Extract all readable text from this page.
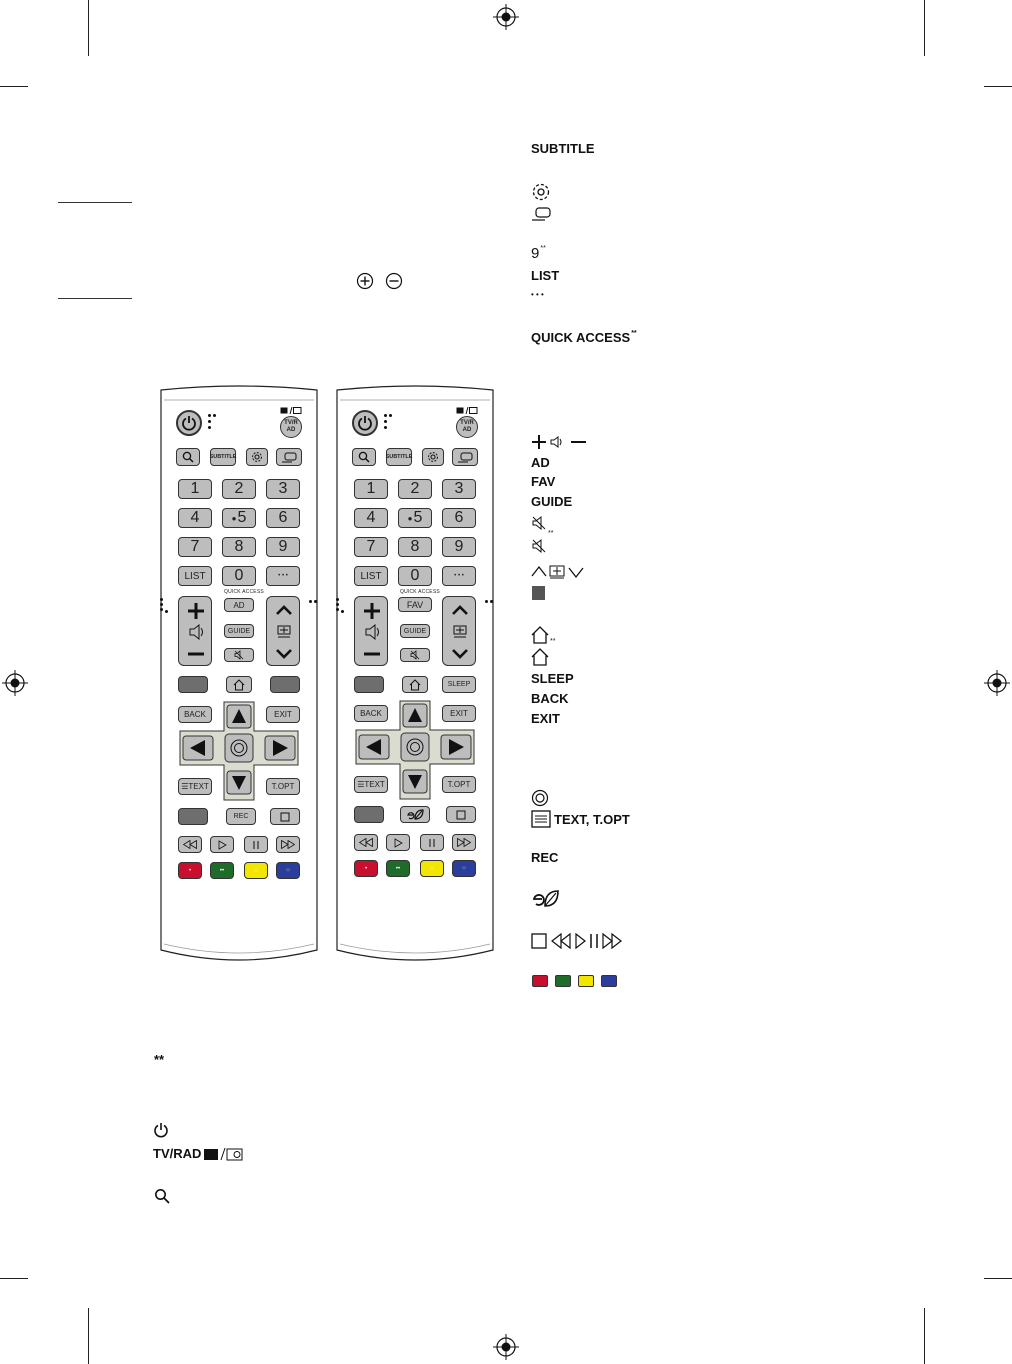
TV/RAD
SUBTITLE
1 2 3
4	● 5 6
7 8 9
LIST 0	• • •
QUICK ACCESS
AD
GUIDE
BACK	EXIT
☰ TEXT	T.OPT
REC
•	••	∴	⁘
TV/RAD
SUBTITLE
1 2 3
4	● 5 6
7 8 9
LIST 0	• • •
QUICK ACCESS
FAV
GUIDE
SLEEP
BACK	EXIT
☰ TEXT	T.OPT
•	••	∴	⁘
SUBTITLE
9**
LIST
• • •
QUICK ACCESS**
AD
FAV
GUIDE
**
**
SLEEP
BACK
EXIT
TEXT, T.OPT
REC
**
TV/RAD
